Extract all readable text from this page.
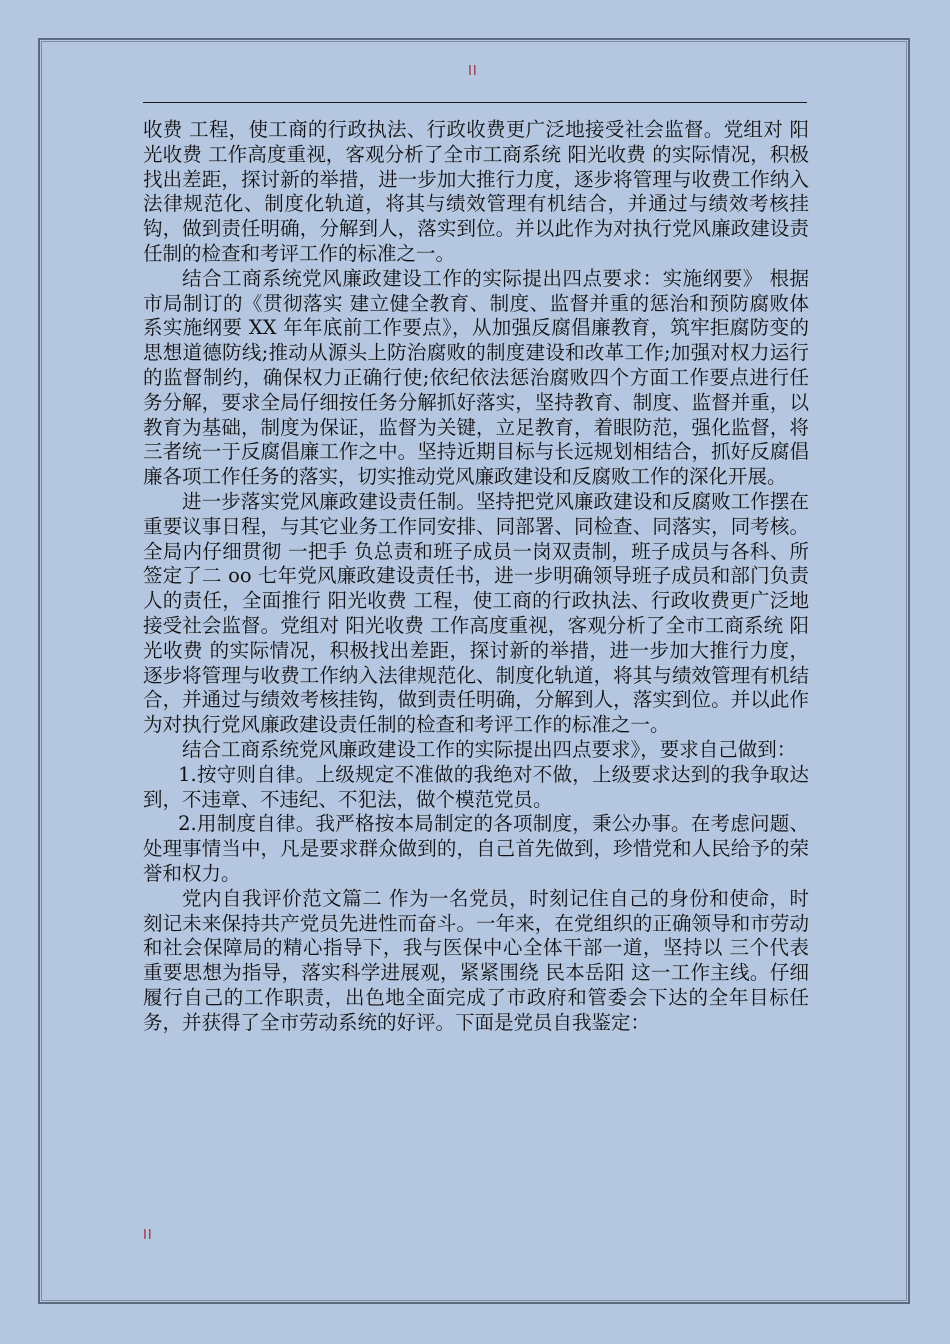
II

收费 工程，使工商的行政执法、行政收费更广泛地接受社会监督。党组对 阳光收费 工作高度重视，客观分析了全市工商系统 阳光收费 的实际情况，积极找出差距，探讨新的举措，进一步加大推行力度，逐步将管理与收费工作纳入法律规范化、制度化轨道，将其与绩效管理有机结合，并通过与绩效考核挂钩，做到责任明确，分解到人，落实到位。并以此作为对执行党风廉政建设责任制的检查和考评工作的标准之一。

结合工商系统党风廉政建设工作的实际提出四点要求：实施纲要》 根据市局制订的《贯彻落实 建立健全教育、制度、监督并重的惩治和预防腐败体系实施纲要 XX 年年底前工作要点》，从加强反腐倡廉教育，筑牢拒腐防变的思想道德防线;推动从源头上防治腐败的制度建设和改革工作;加强对权力运行的监督制约，确保权力正确行使;依纪依法惩治腐败四个方面工作要点进行任务分解，要求全局仔细按任务分解抓好落实，坚持教育、制度、监督并重，以教育为基础，制度为保证，监督为关键，立足教育，着眼防范，强化监督，将三者统一于反腐倡廉工作之中。坚持近期目标与长远规划相结合，抓好反腐倡廉各项工作任务的落实，切实推动党风廉政建设和反腐败工作的深化开展。

进一步落实党风廉政建设责任制。坚持把党风廉政建设和反腐败工作摆在重要议事日程，与其它业务工作同安排、同部署、同检查、同落实，同考核。全局内仔细贯彻 一把手 负总责和班子成员一岗双责制，班子成员与各科、所签定了二 oo 七年党风廉政建设责任书，进一步明确领导班子成员和部门负责人的责任，全面推行 阳光收费 工程，使工商的行政执法、行政收费更广泛地接受社会监督。党组对 阳光收费 工作高度重视，客观分析了全市工商系统 阳光收费 的实际情况，积极找出差距，探讨新的举措，进一步加大推行力度，逐步将管理与收费工作纳入法律规范化、制度化轨道，将其与绩效管理有机结合，并通过与绩效考核挂钩，做到责任明确，分解到人，落实到位。并以此作为对执行党风廉政建设责任制的检查和考评工作的标准之一。

结合工商系统党风廉政建设工作的实际提出四点要求》，要求自己做到：

1.按守则自律。上级规定不准做的我绝对不做，上级要求达到的我争取达到，不违章、不违纪、不犯法，做个模范党员。

2.用制度自律。我严格按本局制定的各项制度，秉公办事。在考虑问题、处理事情当中，凡是要求群众做到的，自己首先做到，珍惜党和人民给予的荣誉和权力。

党内自我评价范文篇二 作为一名党员，时刻记住自己的身份和使命，时刻记未来保持共产党员先进性而奋斗。一年来，在党组织的正确领导和市劳动和社会保障局的精心指导下，我与医保中心全体干部一道，坚持以 三个代表 重要思想为指导，落实科学进展观，紧紧围绕 民本岳阳 这一工作主线。仔细履行自己的工作职责，出色地全面完成了市政府和管委会下达的全年目标任务，并获得了全市劳动系统的好评。下面是党员自我鉴定：

II
